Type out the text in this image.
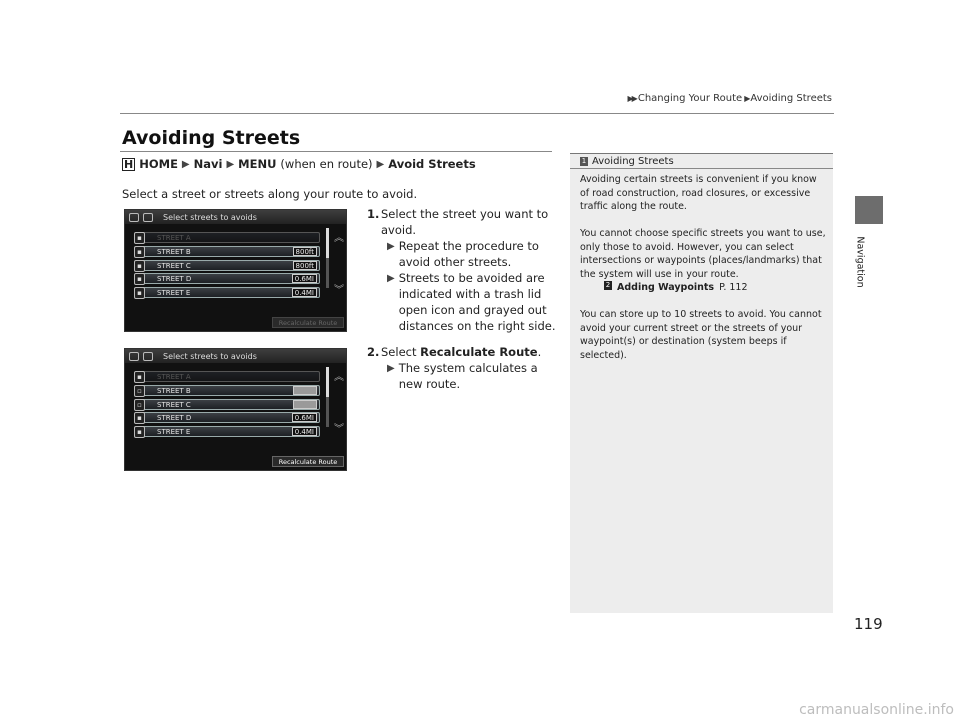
▶▶ Changing Your Route ▶ Avoiding Streets
Navigation
119
Avoiding Streets
H HOME ▶ Navi ▶ MENU (when en route) ▶ Avoid Streets
Select a street or streets along your route to avoid.
1. Select the street you want to avoid.
▶ Repeat the procedure to avoid other streets.
▶ Streets to be avoided are indicated with a trash lid open icon and grayed out distances on the right side.
2. Select Recalculate Route.
▶ The system calculates a new route.
Select streets to avoids
▪	STREET A
▪	STREET B	800ft
▪	STREET C	800ft
▪	STREET D	0.6MI
▪	STREET E	0.4MI
︽
︾
Recalculate Route
Select streets to avoids
▪	STREET A
▫	STREET B	800ft
▫	STREET C	800ft
▪	STREET D	0.6MI
▪	STREET E	0.4MI
︽
︾
Recalculate Route
1 Avoiding Streets

Avoiding certain streets is convenient if you know of road construction, road closures, or excessive traffic along the route.

You cannot choose specific streets you want to use, only those to avoid. However, you can select intersections or waypoints (places/landmarks) that the system will use in your route.

2 Adding Waypoints P. 112

You can store up to 10 streets to avoid. You cannot avoid your current street or the streets of your waypoint(s) or destination (system beeps if selected).

carmanualsonline.info
